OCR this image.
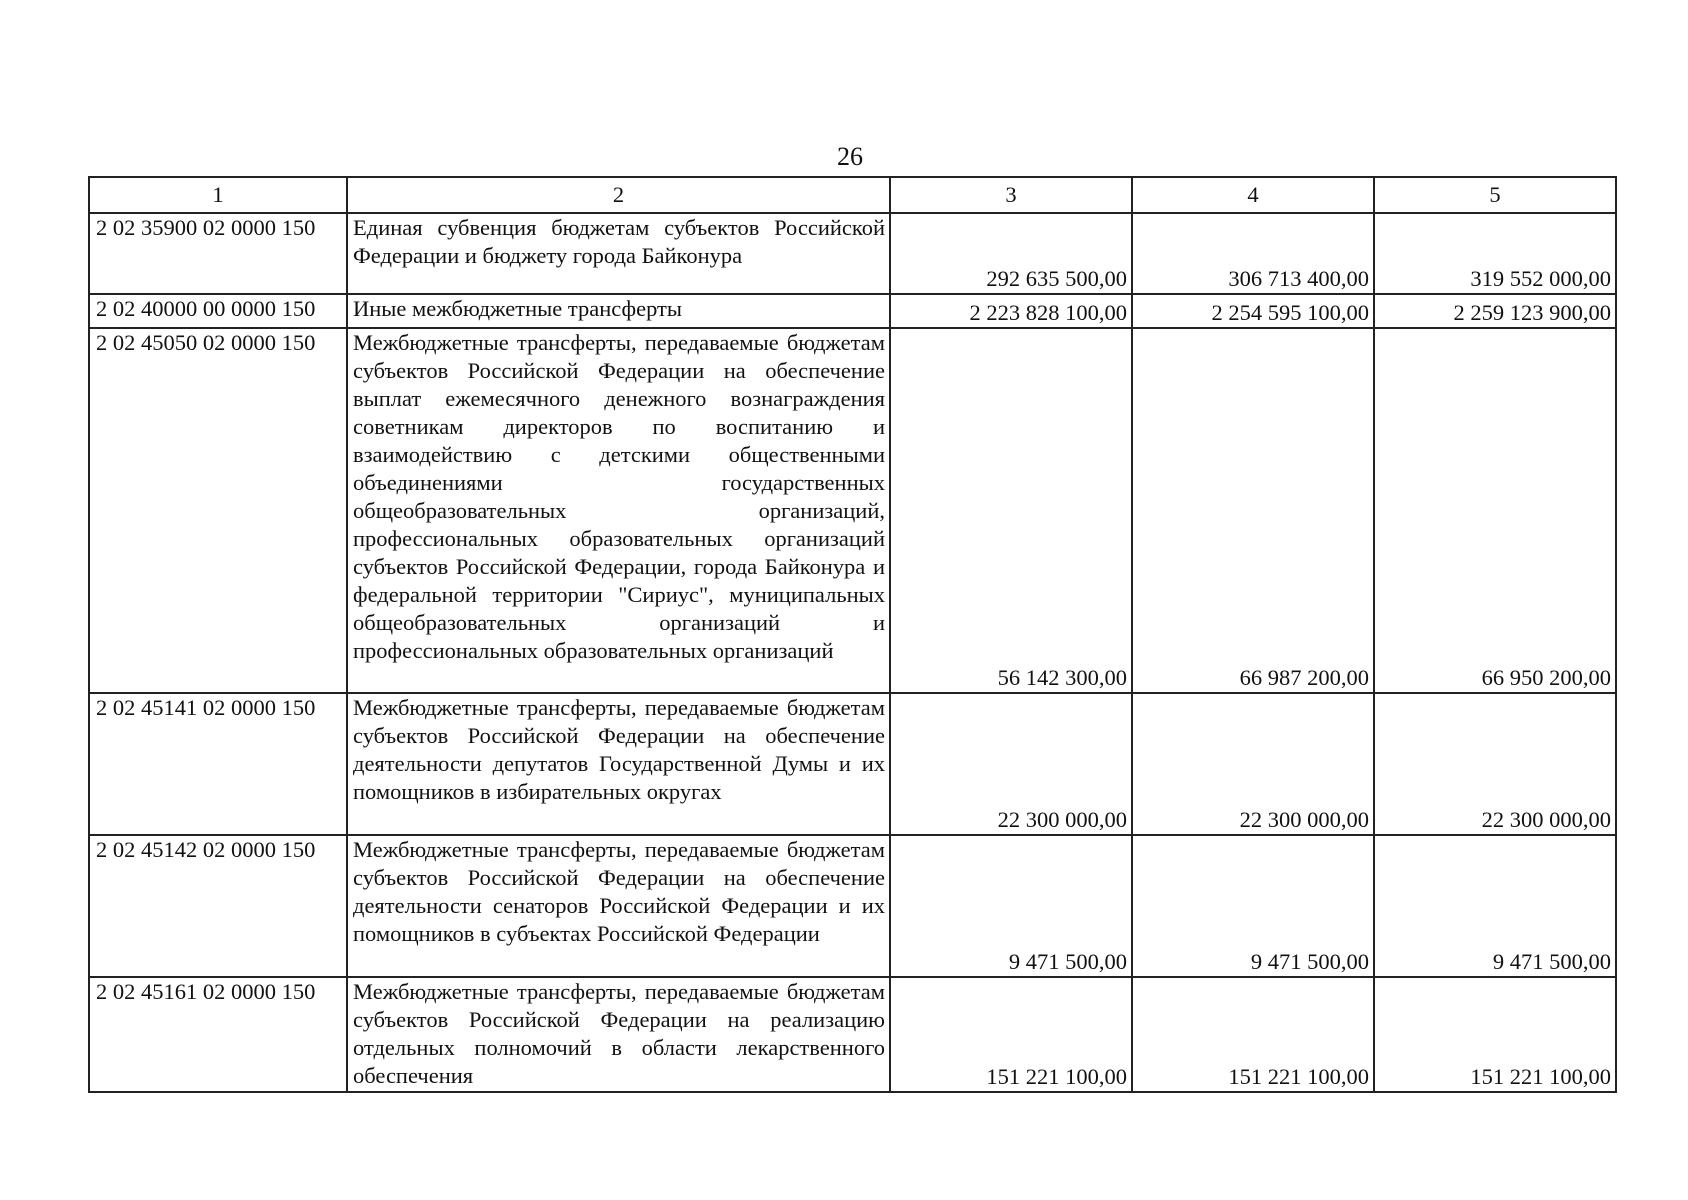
26
1	2	3	4	5
2 02 35900 02 0000 150	Единая субвенция бюджетам субъектов Российской Федерации и бюджету города Байконура	292 635 500,00	306 713 400,00	319 552 000,00
2 02 40000 00 0000 150	Иные межбюджетные трансферты	2 223 828 100,00	2 254 595 100,00	2 259 123 900,00
2 02 45050 02 0000 150	Межбюджетные трансферты, передаваемые бюджетам субъектов Российской Федерации на обеспечение выплат ежемесячного денежного вознаграждения советникам директоров по воспитанию и взаимодействию с детскими общественными объединениями государственных общеобразовательных организаций, профессиональных образовательных организаций субъектов Российской Федерации, города Байконура и федеральной территории "Сириус", муниципальных общеобразовательных организаций и профессиональных образовательных организаций	56 142 300,00	66 987 200,00	66 950 200,00
2 02 45141 02 0000 150	Межбюджетные трансферты, передаваемые бюджетам субъектов Российской Федерации на обеспечение деятельности депутатов Государственной Думы и их помощников в избирательных округах	22 300 000,00	22 300 000,00	22 300 000,00
2 02 45142 02 0000 150	Межбюджетные трансферты, передаваемые бюджетам субъектов Российской Федерации на обеспечение деятельности сенаторов Российской Федерации и их помощников в субъектах Российской Федерации	9 471 500,00	9 471 500,00	9 471 500,00
2 02 45161 02 0000 150	Межбюджетные трансферты, передаваемые бюджетам субъектов Российской Федерации на реализацию отдельных полномочий в области лекарственного обеспечения	151 221 100,00	151 221 100,00	151 221 100,00
